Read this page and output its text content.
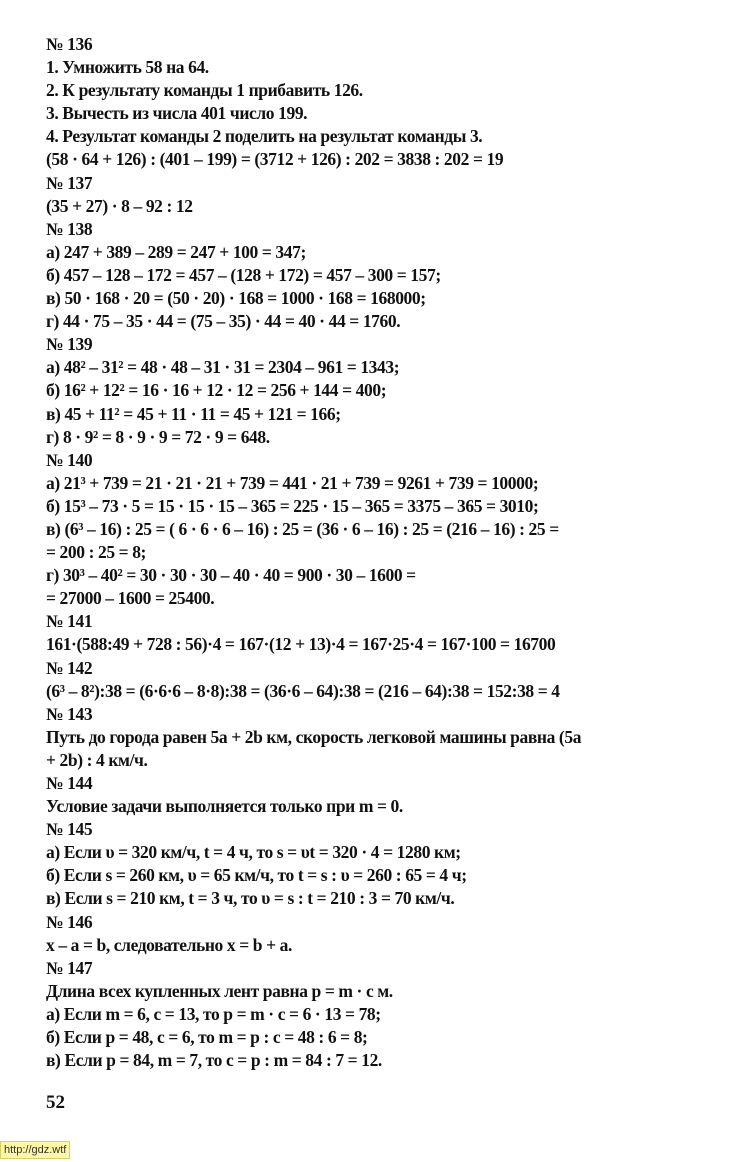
№ 136
1. Умножить 58 на 64.
2. К результату команды 1 прибавить 126.
3. Вычесть из числа 401 число 199.
4. Результат команды 2 поделить на результат команды 3.
(58 · 64 + 126) : (401 – 199) = (3712 + 126) : 202 = 3838 : 202 = 19
№ 137
(35 + 27) · 8 – 92 : 12
№ 138
а) 247 + 389 – 289 = 247 + 100 = 347;
б) 457 – 128 – 172 = 457 – (128 + 172) = 457 – 300 = 157;
в) 50 · 168 · 20 = (50 · 20) · 168 = 1000 · 168 = 168000;
г) 44 · 75 – 35 · 44 = (75 – 35) · 44 = 40 · 44 = 1760.
№ 139
а) 48² – 31² = 48 · 48 – 31 · 31 = 2304 – 961 = 1343;
б) 16² + 12² = 16 · 16 + 12 · 12 = 256 + 144 = 400;
в) 45 + 11² = 45 + 11 · 11 = 45 + 121 = 166;
г) 8 · 9² = 8 · 9 · 9 = 72 · 9 = 648.
№ 140
а) 21³ + 739 = 21 · 21 · 21 + 739 = 441 · 21 + 739 = 9261 + 739 = 10000;
б) 15³ – 73 · 5 = 15 · 15 · 15 – 365 = 225 · 15 – 365 = 3375 – 365 = 3010;
в) (6³ – 16) : 25 = ( 6 · 6 · 6 – 16) : 25 = (36 · 6 – 16) : 25 = (216 – 16) : 25 =
= 200 : 25 = 8;
г) 30³ – 40² = 30 · 30 · 30 – 40 · 40 = 900 · 30 – 1600 =
= 27000 – 1600 = 25400.
№ 141
161·(588:49 + 728 : 56)·4 = 167·(12 + 13)·4 = 167·25·4 = 167·100 = 16700
№ 142
(6³ – 8²):38 = (6·6·6 – 8·8):38 = (36·6 – 64):38 = (216 – 64):38 = 152:38 = 4
№ 143
Путь до города равен 5a + 2b км, скорость легковой машины равна (5a
+ 2b) : 4 км/ч.
№ 144
Условие задачи выполняется только при m = 0.
№ 145
а) Если υ = 320 км/ч, t = 4 ч, то s = υt = 320 · 4 = 1280 км;
б) Если s = 260 км, υ = 65 км/ч, то t = s : υ = 260 : 65 = 4 ч;
в) Если s = 210 км, t = 3 ч, то υ = s : t = 210 : 3 = 70 км/ч.
№ 146
x – a = b, следовательно x = b + a.
№ 147
Длина всех купленных лент равна p = m · c м.
а) Если m = 6, c = 13, то p = m · c = 6 · 13 = 78;
б) Если p = 48, c = 6, то m = p : c = 48 : 6 = 8;
в) Если p = 84, m = 7, то c = p : m = 84 : 7 = 12.
52
http://gdz.wtf
